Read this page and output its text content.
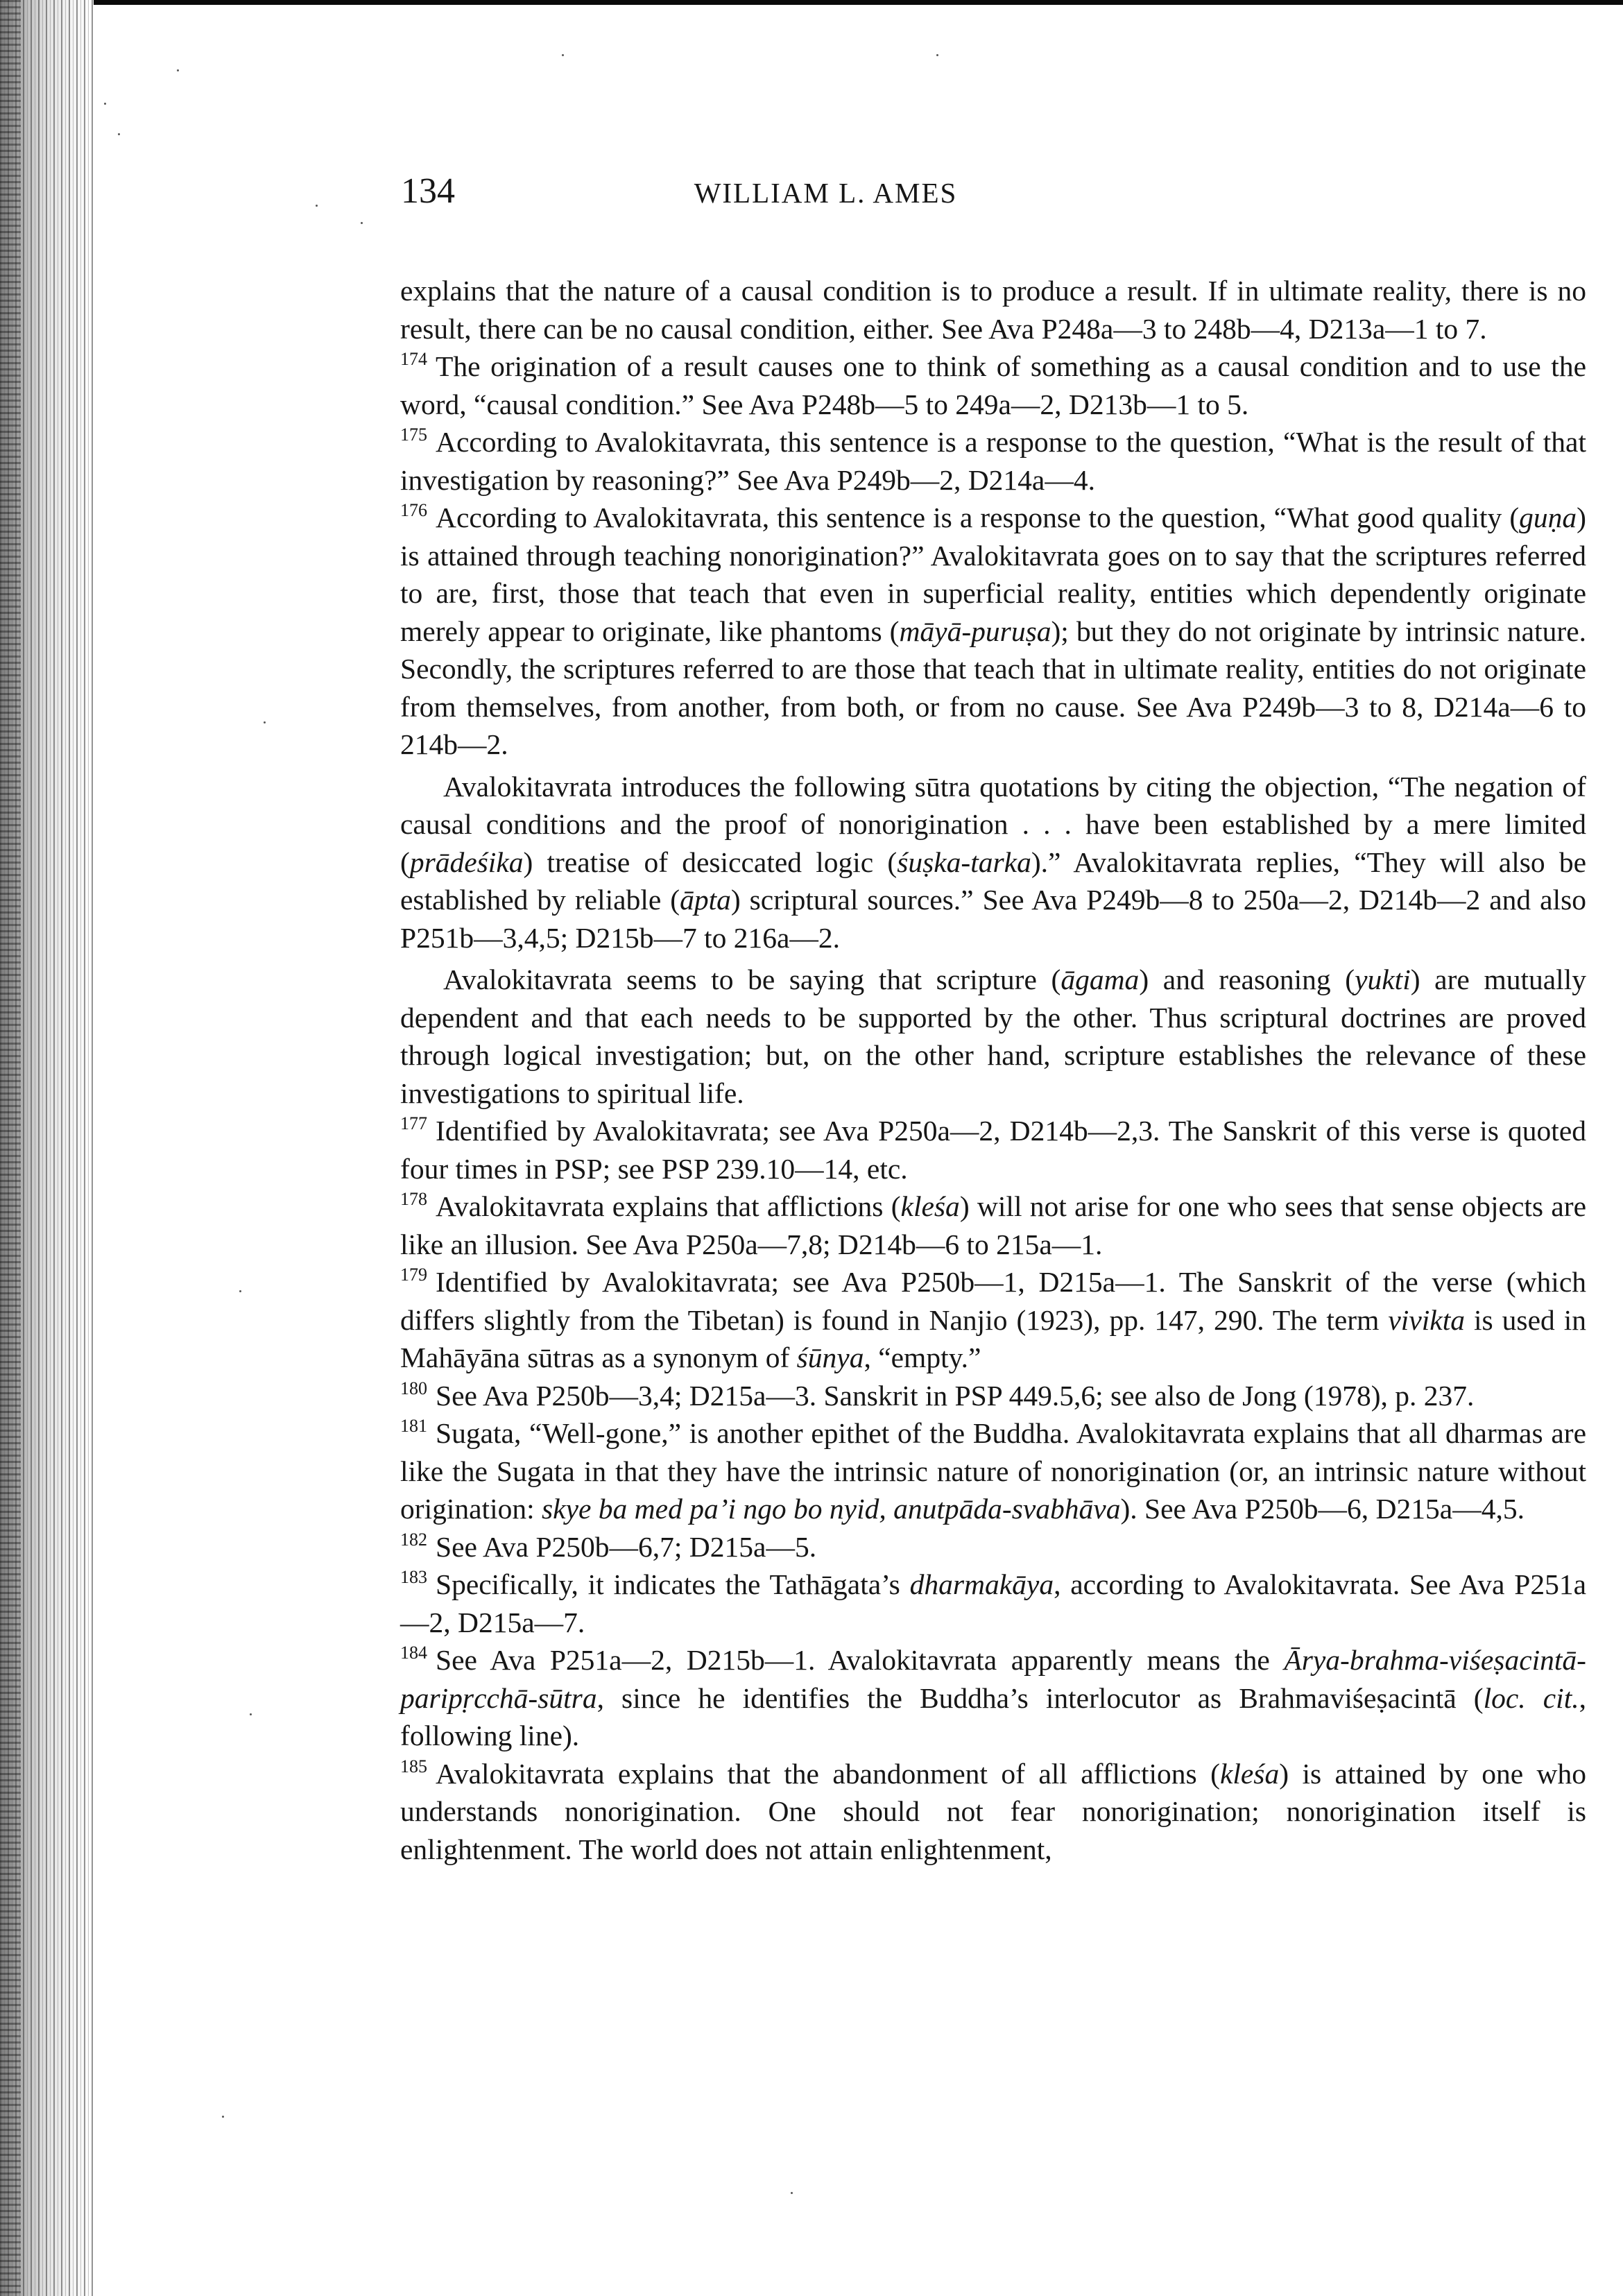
134	WILLIAM L. AMES

explains that the nature of a causal condition is to produce a result. If in ultimate reality, there is no result, there can be no causal condition, either. See Ava P248a—3 to 248b—4, D213a—1 to 7.

$^{174}$ The origination of a result causes one to think of something as a causal condition and to use the word, “causal condition.” See Ava P248b—5 to 249a—2, D213b—1 to 5.

$^{175}$ According to Avalokitavrata, this sentence is a response to the question, “What is the result of that investigation by reasoning?” See Ava P249b—2, D214a—4.

$^{176}$ According to Avalokitavrata, this sentence is a response to the question, “What good quality (guṇa) is attained through teaching nonorigination?” Avalokitavrata goes on to say that the scriptures referred to are, first, those that teach that even in superficial reality, entities which dependently originate merely appear to originate, like phantoms (māyā-puruṣa); but they do not originate by intrinsic nature. Secondly, the scriptures referred to are those that teach that in ultimate reality, entities do not originate from themselves, from another, from both, or from no cause. See Ava P249b—3 to 8, D214a—6 to 214b—2.

Avalokitavrata introduces the following sūtra quotations by citing the objection, “The negation of causal conditions and the proof of nonorigination . . . have been established by a mere limited (prādeśika) treatise of desiccated logic (śuṣka-tarka).” Avalokitavrata replies, “They will also be established by reliable (āpta) scriptural sources.” See Ava P249b—8 to 250a—2, D214b—2 and also P251b—3,4,5; D215b—7 to 216a—2.

Avalokitavrata seems to be saying that scripture (āgama) and reasoning (yukti) are mutually dependent and that each needs to be supported by the other. Thus scriptural doctrines are proved through logical investigation; but, on the other hand, scripture establishes the relevance of these investigations to spiritual life.

$^{177}$ Identified by Avalokitavrata; see Ava P250a—2, D214b—2,3. The Sanskrit of this verse is quoted four times in PSP; see PSP 239.10—14, etc.

$^{178}$ Avalokitavrata explains that afflictions (kleśa) will not arise for one who sees that sense objects are like an illusion. See Ava P250a—7,8; D214b—6 to 215a—1.

$^{179}$ Identified by Avalokitavrata; see Ava P250b—1, D215a—1. The Sanskrit of the verse (which differs slightly from the Tibetan) is found in Nanjio (1923), pp. 147, 290. The term vivikta is used in Mahāyāna sūtras as a synonym of śūnya, “empty.”

$^{180}$ See Ava P250b—3,4; D215a—3. Sanskrit in PSP 449.5,6; see also de Jong (1978), p. 237.

$^{181}$ Sugata, “Well-gone,” is another epithet of the Buddha. Avalokitavrata explains that all dharmas are like the Sugata in that they have the intrinsic nature of nonorigination (or, an intrinsic nature without origination: skye ba med pa’i ngo bo nyid, anutpāda-svabhāva). See Ava P250b—6, D215a—4,5.

$^{182}$ See Ava P250b—6,7; D215a—5.

$^{183}$ Specifically, it indicates the Tathāgata’s dharmakāya, according to Avalokitavrata. See Ava P251a—2, D215a—7.

$^{184}$ See Ava P251a—2, D215b—1. Avalokitavrata apparently means the Ārya-brahma-viśeṣacintā-paripṛcchā-sūtra, since he identifies the Buddha’s interlocutor as Brahmaviśeṣacintā (loc. cit., following line).

$^{185}$ Avalokitavrata explains that the abandonment of all afflictions (kleśa) is attained by one who understands nonorigination. One should not fear nonorigination; nonorigination itself is enlightenment. The world does not attain enlightenment,
